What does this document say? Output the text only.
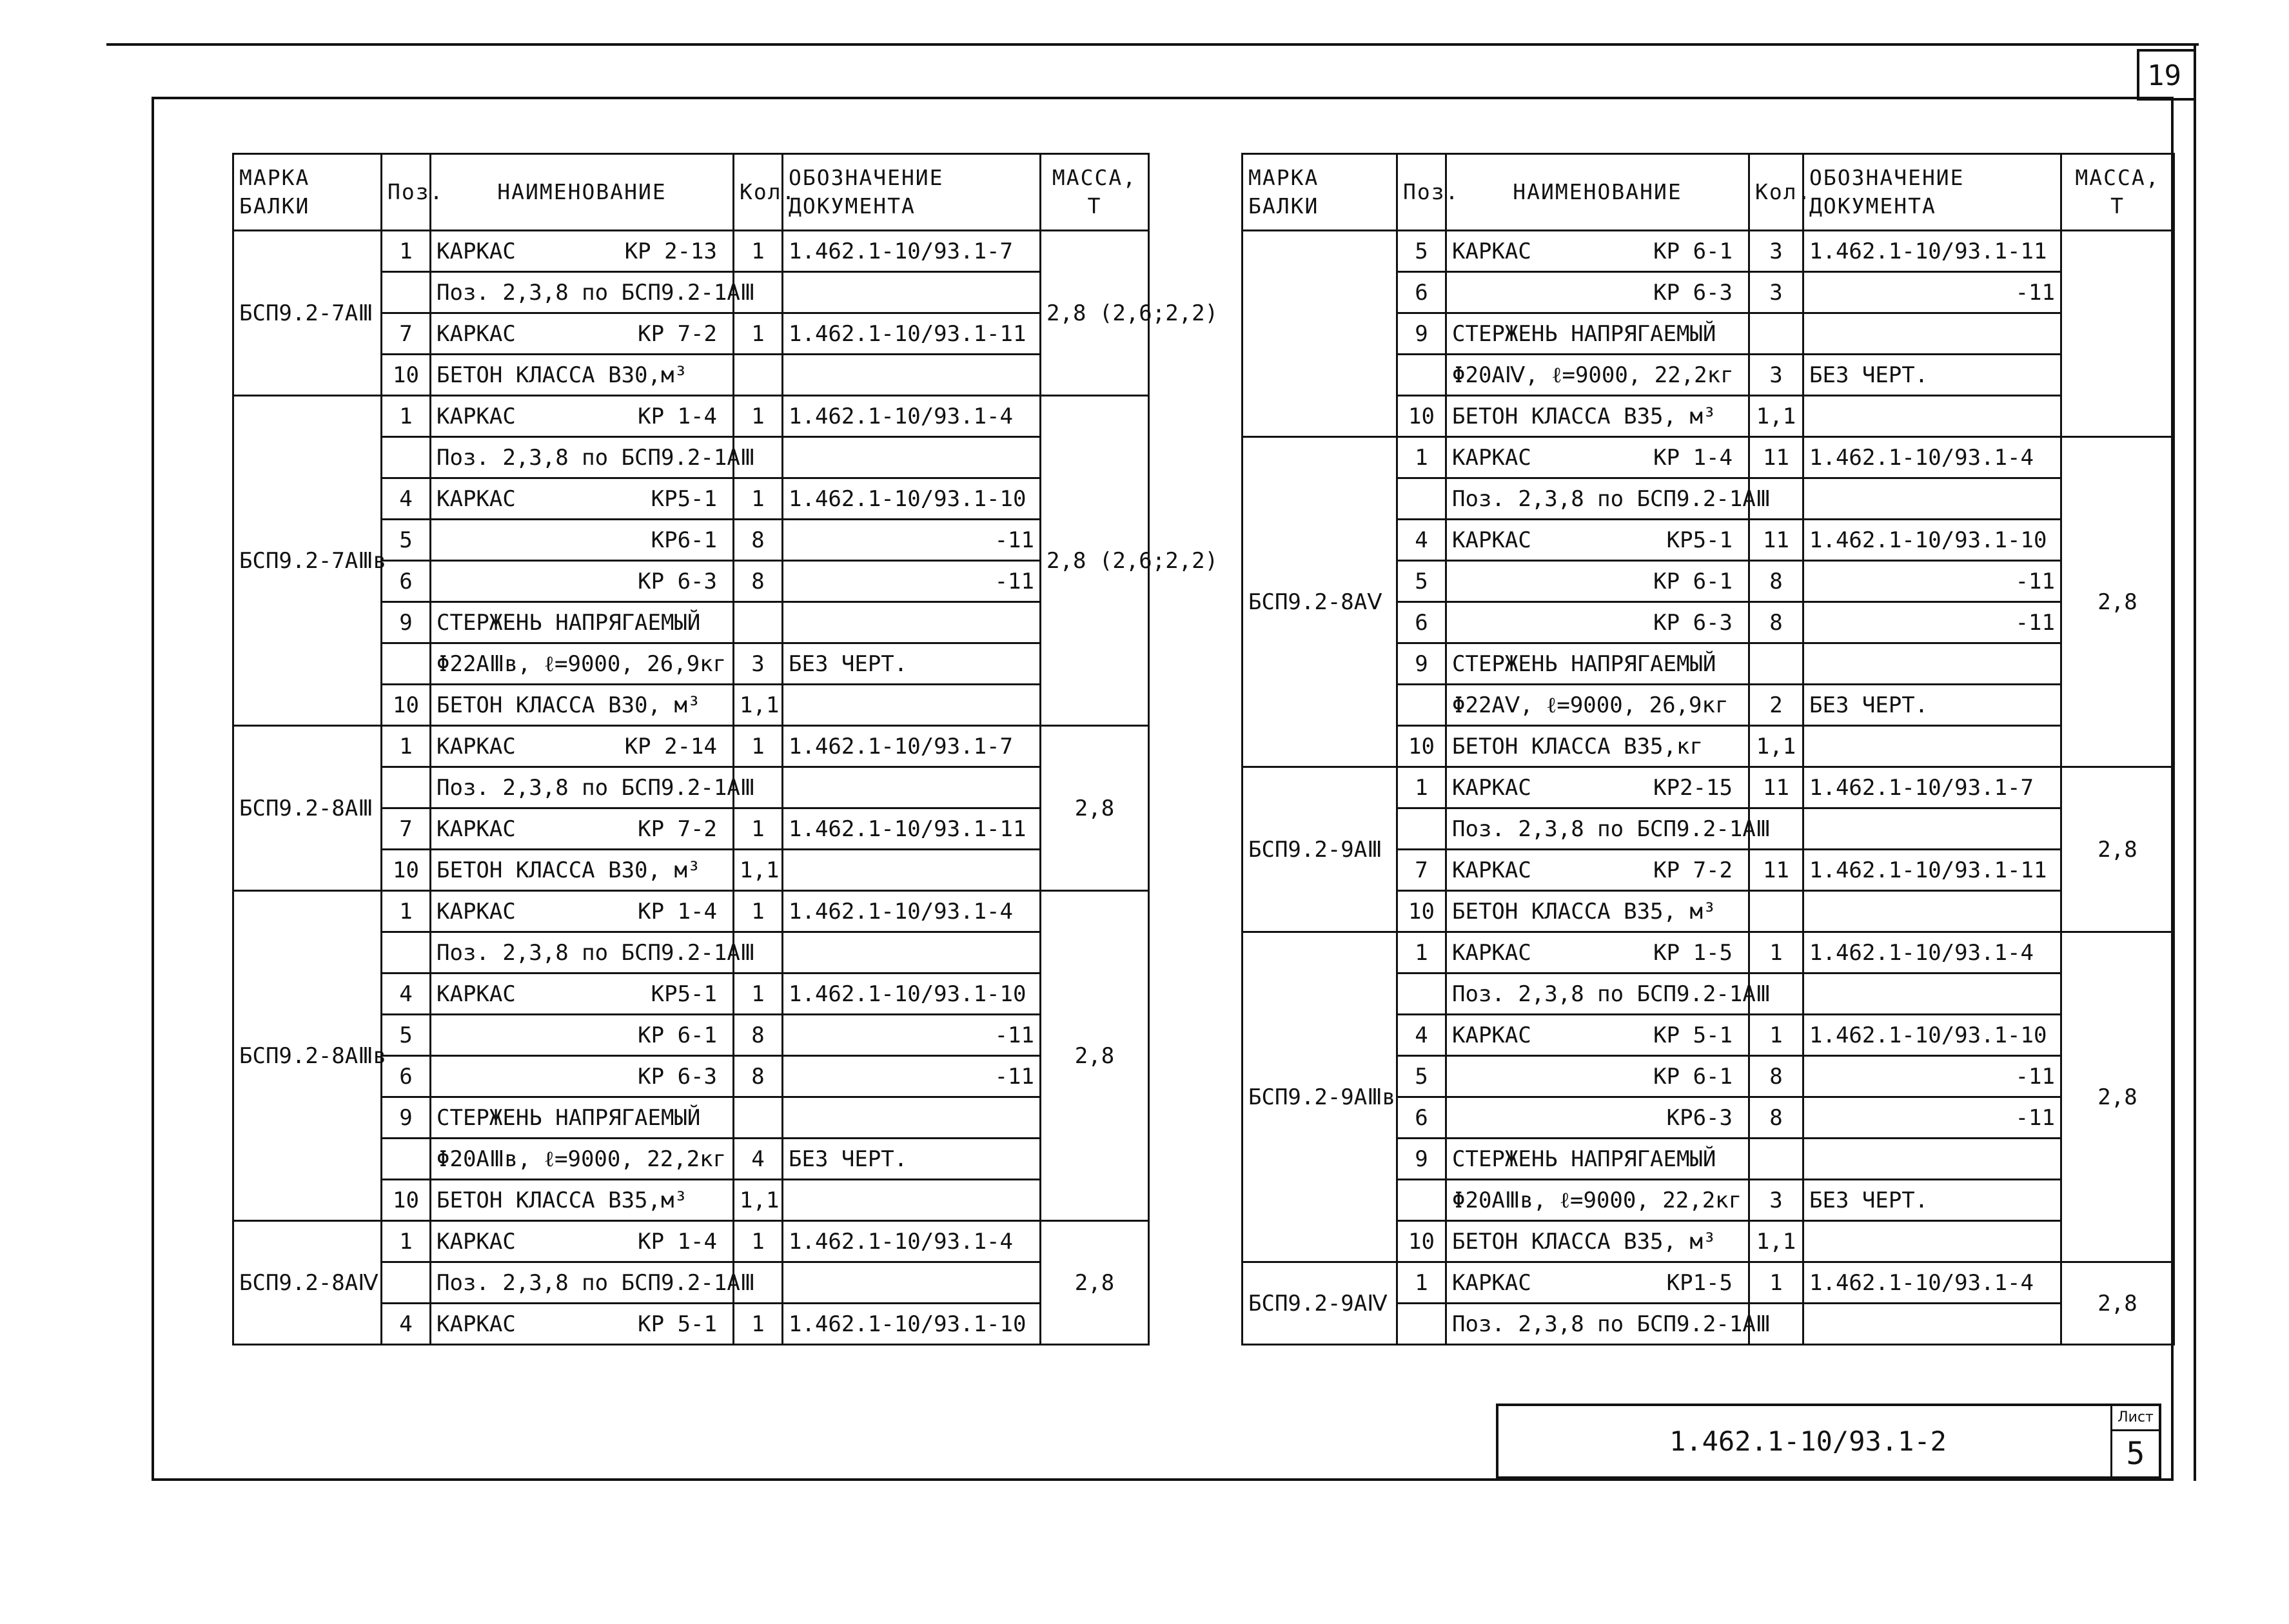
19
МАРКА БАЛКИ	Поз.	НАИМЕНОВАНИЕ	Кол.	ОБОЗНАЧЕНИЕ ДОКУМЕНТА	МАССА, Т
БСП9.2-7АⅢ	1	КАРКАС КР 2-13	1	1.462.1-10/93.1-7	2,8 (2,6;2,2)
		Поз. 2,3,8 по БСП9.2-1АⅢ	

	7	КАРКАС КР 7-2	1	1.462.1-10/93.1-11	
	10	БЕТОН КЛАССА В30,м³	

БСП9.2-7АⅢв	1	КАРКАС КР 1-4	1	1.462.1-10/93.1-4	2,8 (2,6;2,2)
		Поз. 2,3,8 по БСП9.2-1АⅢ	

	4	КАРКАС КР5-1	1	1.462.1-10/93.1-10	
	5	КР6-1	8	-11	

	6	КР 6-3	8	-11	

	9	СТЕРЖЕНЬ НАПРЯГАЕМЫЙ	

		Φ22АⅢв, ℓ=9000, 26,9кг	3	БЕЗ ЧЕРТ.	
	10	БЕТОН КЛАССА В30, м³	1,1		
БСП9.2-8АⅢ	1	КАРКАС КР 2-14	1	1.462.1-10/93.1-7	2,8
		Поз. 2,3,8 по БСП9.2-1АⅢ	

	7	КАРКАС КР 7-2	1	1.462.1-10/93.1-11	
	10	БЕТОН КЛАССА В30, м³	1,1		
БСП9.2-8АⅢв	1	КАРКАС КР 1-4	1	1.462.1-10/93.1-4	2,8
		Поз. 2,3,8 по БСП9.2-1АⅢ	

	4	КАРКАС КР5-1	1	1.462.1-10/93.1-10	
	5	КР 6-1	8	-11	

	6	КР 6-3	8	-11	

	9	СТЕРЖЕНЬ НАПРЯГАЕМЫЙ	

		Φ20АⅢв, ℓ=9000, 22,2кг	4	БЕЗ ЧЕРТ.	
	10	БЕТОН КЛАССА В35,м³	1,1		
БСП9.2-8АⅣ	1	КАРКАС КР 1-4	1	1.462.1-10/93.1-4	2,8
		Поз. 2,3,8 по БСП9.2-1АⅢ	

	4	КАРКАС КР 5-1	1	1.462.1-10/93.1-10	
МАРКА БАЛКИ	Поз.	НАИМЕНОВАНИЕ	Кол.	ОБОЗНАЧЕНИЕ ДОКУМЕНТА	МАССА, Т
	5	КАРКАС КР 6-1	3	1.462.1-10/93.1-11	
	6	КР 6-3	3	-11	

	9	СТЕРЖЕНЬ НАПРЯГАЕМЫЙ	

		Φ20АⅣ, ℓ=9000, 22,2кг	3	БЕЗ ЧЕРТ.	
	10	БЕТОН КЛАССА В35, м³	1,1		
БСП9.2-8АⅤ	1	КАРКАС КР 1-4	11	1.462.1-10/93.1-4	2,8
		Поз. 2,3,8 по БСП9.2-1АⅢ	

	4	КАРКАС КР5-1	11	1.462.1-10/93.1-10	
	5	КР 6-1	8	-11	

	6	КР 6-3	8	-11	

	9	СТЕРЖЕНЬ НАПРЯГАЕМЫЙ	

		Φ22АⅤ, ℓ=9000, 26,9кг	2	БЕЗ ЧЕРТ.	
	10	БЕТОН КЛАССА В35,кг	1,1		
БСП9.2-9АⅢ	1	КАРКАС КР2-15	11	1.462.1-10/93.1-7	2,8
		Поз. 2,3,8 по БСП9.2-1АⅢ	

	7	КАРКАС КР 7-2	11	1.462.1-10/93.1-11	
	10	БЕТОН КЛАССА В35, м³	

БСП9.2-9АⅢв	1	КАРКАС КР 1-5	1	1.462.1-10/93.1-4	2,8
		Поз. 2,3,8 по БСП9.2-1АⅢ	

	4	КАРКАС КР 5-1	1	1.462.1-10/93.1-10	
	5	КР 6-1	8	-11	

	6	КР6-3	8	-11	

	9	СТЕРЖЕНЬ НАПРЯГАЕМЫЙ	

		Φ20АⅢв, ℓ=9000, 22,2кг	3	БЕЗ ЧЕРТ.	
	10	БЕТОН КЛАССА В35, м³	1,1		
БСП9.2-9АⅣ	1	КАРКАС КР1-5	1	1.462.1-10/93.1-4	2,8
		Поз. 2,3,8 по БСП9.2-1АⅢ	

1.462.1-10/93.1-2
Лист
5
